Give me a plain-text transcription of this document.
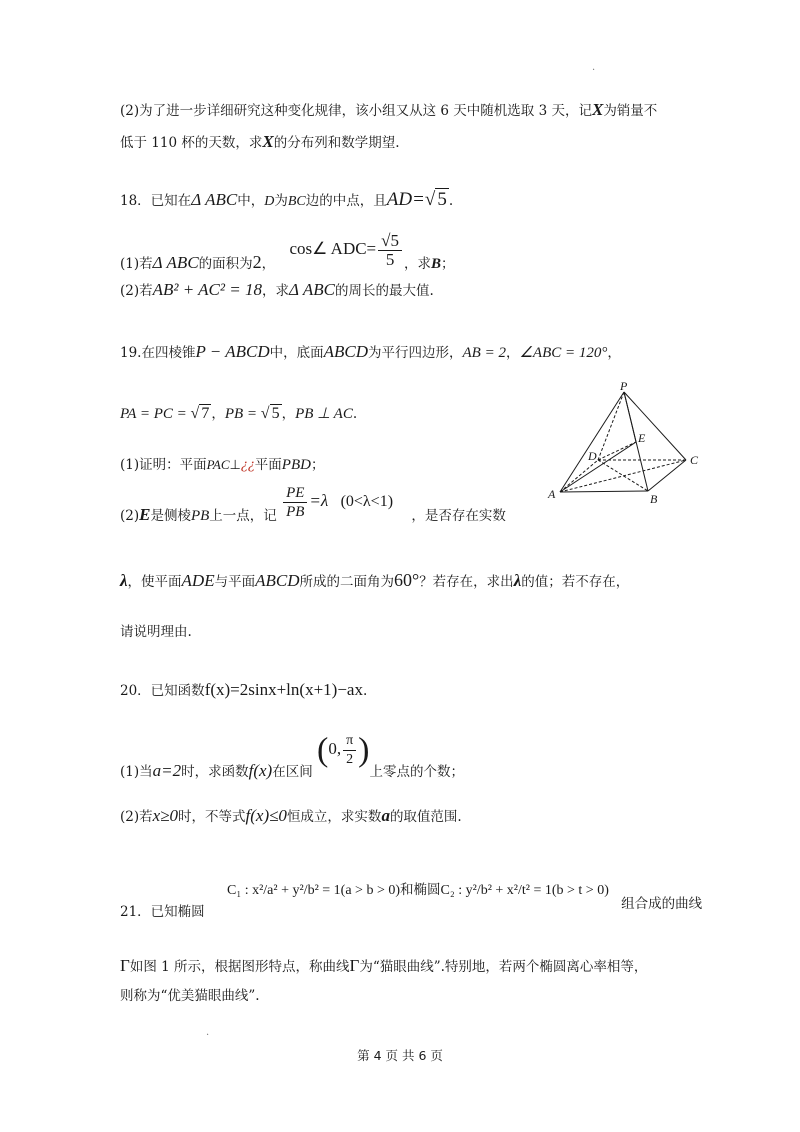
.
.
(2)为了进一步详细研究这种变化规律，该小组又从这 6 天中随机选取 3 天，记X为销量不
低于 110 杯的天数，求X的分布列和数学期望.
18．已知在Δ ABC中，D为BC边的中点，且AD=√ 5 .
(1)若Δ ABC的面积为2， cos∠ $ADC= \frac{√5}{5}$ ，求B；
(2)若AB² + AC² = 18，求Δ ABC的周长的最大值.
19.在四棱锥P − ABCD中，底面ABCD为平行四边形，AB = 2，∠ABC = 120°，
PA = PC = √ 7 ，PB = √ 5 ，PB ⊥ AC.
(1)证明：平面PAC⊥¿¿平面PBD；
(2)E是侧棱PB上一点，记 $\frac{PE}{PB} =\lambda$ (0<λ<1) ，是否存在实数
λ，使平面ADE与平面ABCD所成的二面角为60°？若存在，求出λ的值；若不存在，
请说明理由.
P
E
D	C
A	B
20．已知函数f(x)=2sinx+ln(x+1)−ax.
(1)当a=2时，求函数f(x)在区间 (0, $\frac{\pi}{2}$ )上零点的个数；
(2)若x≥0时，不等式f(x)≤0恒成立，求实数a的取值范围.
21．已知椭圆 C₁ : x²/a² + y²/b² = 1(a > b > 0)和椭圆C₂ : y²/b² + x²/t² = 1(b > t > 0) 组合成的曲线
Γ如图 1 所示，根据图形特点，称曲线Γ为“猫眼曲线”.特别地，若两个椭圆离心率相等，
则称为“优美猫眼曲线”.
第 4 页 共 6 页
